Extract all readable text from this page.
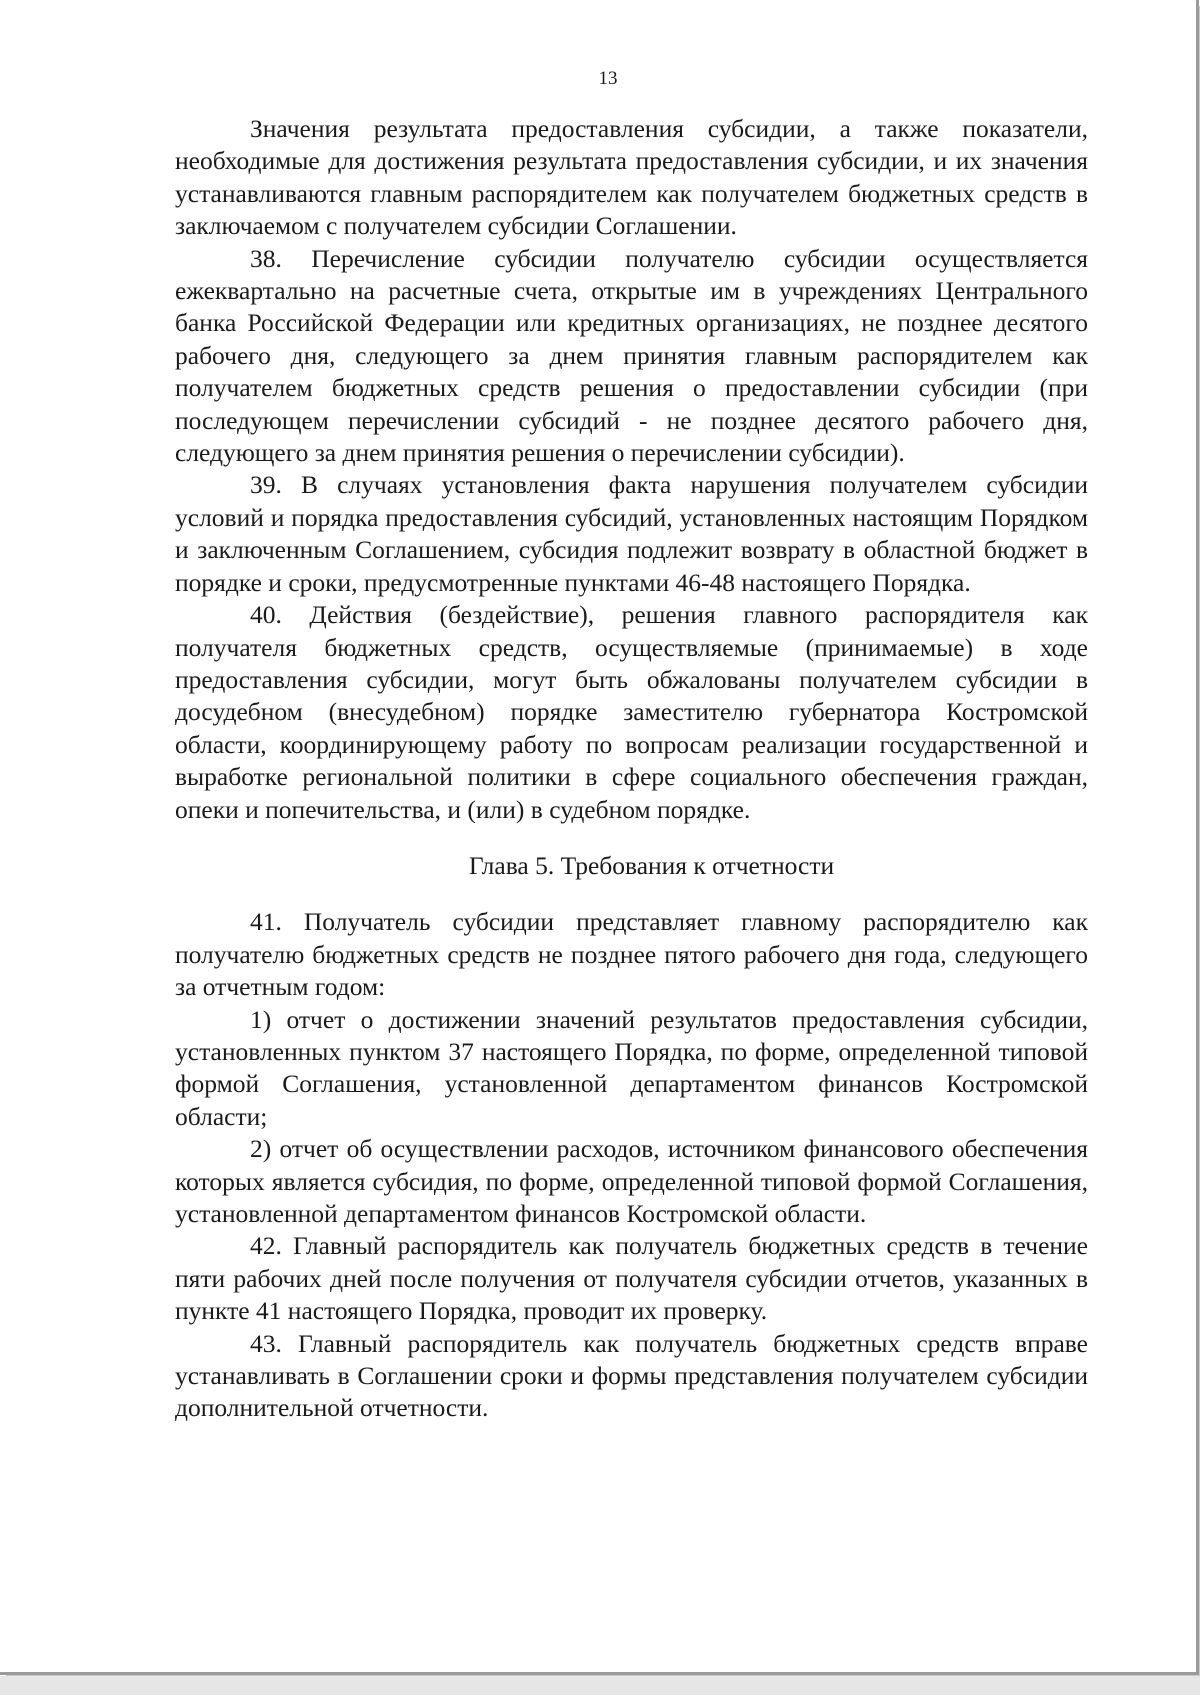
13

Значения результата предоставления субсидии, а также показатели, необходимые для достижения результата предоставления субсидии, и их значения устанавливаются главным распорядителем как получателем бюджетных средств в заключаемом с получателем субсидии Соглашении.

38. Перечисление субсидии получателю субсидии осуществляется ежеквартально на расчетные счета, открытые им в учреждениях Центрального банка Российской Федерации или кредитных организациях, не позднее десятого рабочего дня, следующего за днем принятия главным распорядителем как получателем бюджетных средств решения о предоставлении субсидии (при последующем перечислении субсидий - не позднее десятого рабочего дня, следующего за днем принятия решения о перечислении субсидии).

39. В случаях установления факта нарушения получателем субсидии условий и порядка предоставления субсидий, установленных настоящим Порядком и заключенным Соглашением, субсидия подлежит возврату в областной бюджет в порядке и сроки, предусмотренные пунктами 46-48 настоящего Порядка.

40. Действия (бездействие), решения главного распорядителя как получателя бюджетных средств, осуществляемые (принимаемые) в ходе предоставления субсидии, могут быть обжалованы получателем субсидии в досудебном (внесудебном) порядке заместителю губернатора Костромской области, координирующему работу по вопросам реализации государственной и выработке региональной политики в сфере социального обеспечения граждан, опеки и попечительства, и (или) в судебном порядке.

Глава 5. Требования к отчетности

41. Получатель субсидии представляет главному распорядителю как получателю бюджетных средств не позднее пятого рабочего дня года, следующего за отчетным годом:

1) отчет о достижении значений результатов предоставления субсидии, установленных пунктом 37 настоящего Порядка, по форме, определенной типовой формой Соглашения, установленной департаментом финансов Костромской области;

2) отчет об осуществлении расходов, источником финансового обеспечения которых является субсидия, по форме, определенной типовой формой Соглашения, установленной департаментом финансов Костромской области.

42. Главный распорядитель как получатель бюджетных средств в течение пяти рабочих дней после получения от получателя субсидии отчетов, указанных в пункте 41 настоящего Порядка, проводит их проверку.

43. Главный распорядитель как получатель бюджетных средств вправе устанавливать в Соглашении сроки и формы представления получателем субсидии дополнительной отчетности.
